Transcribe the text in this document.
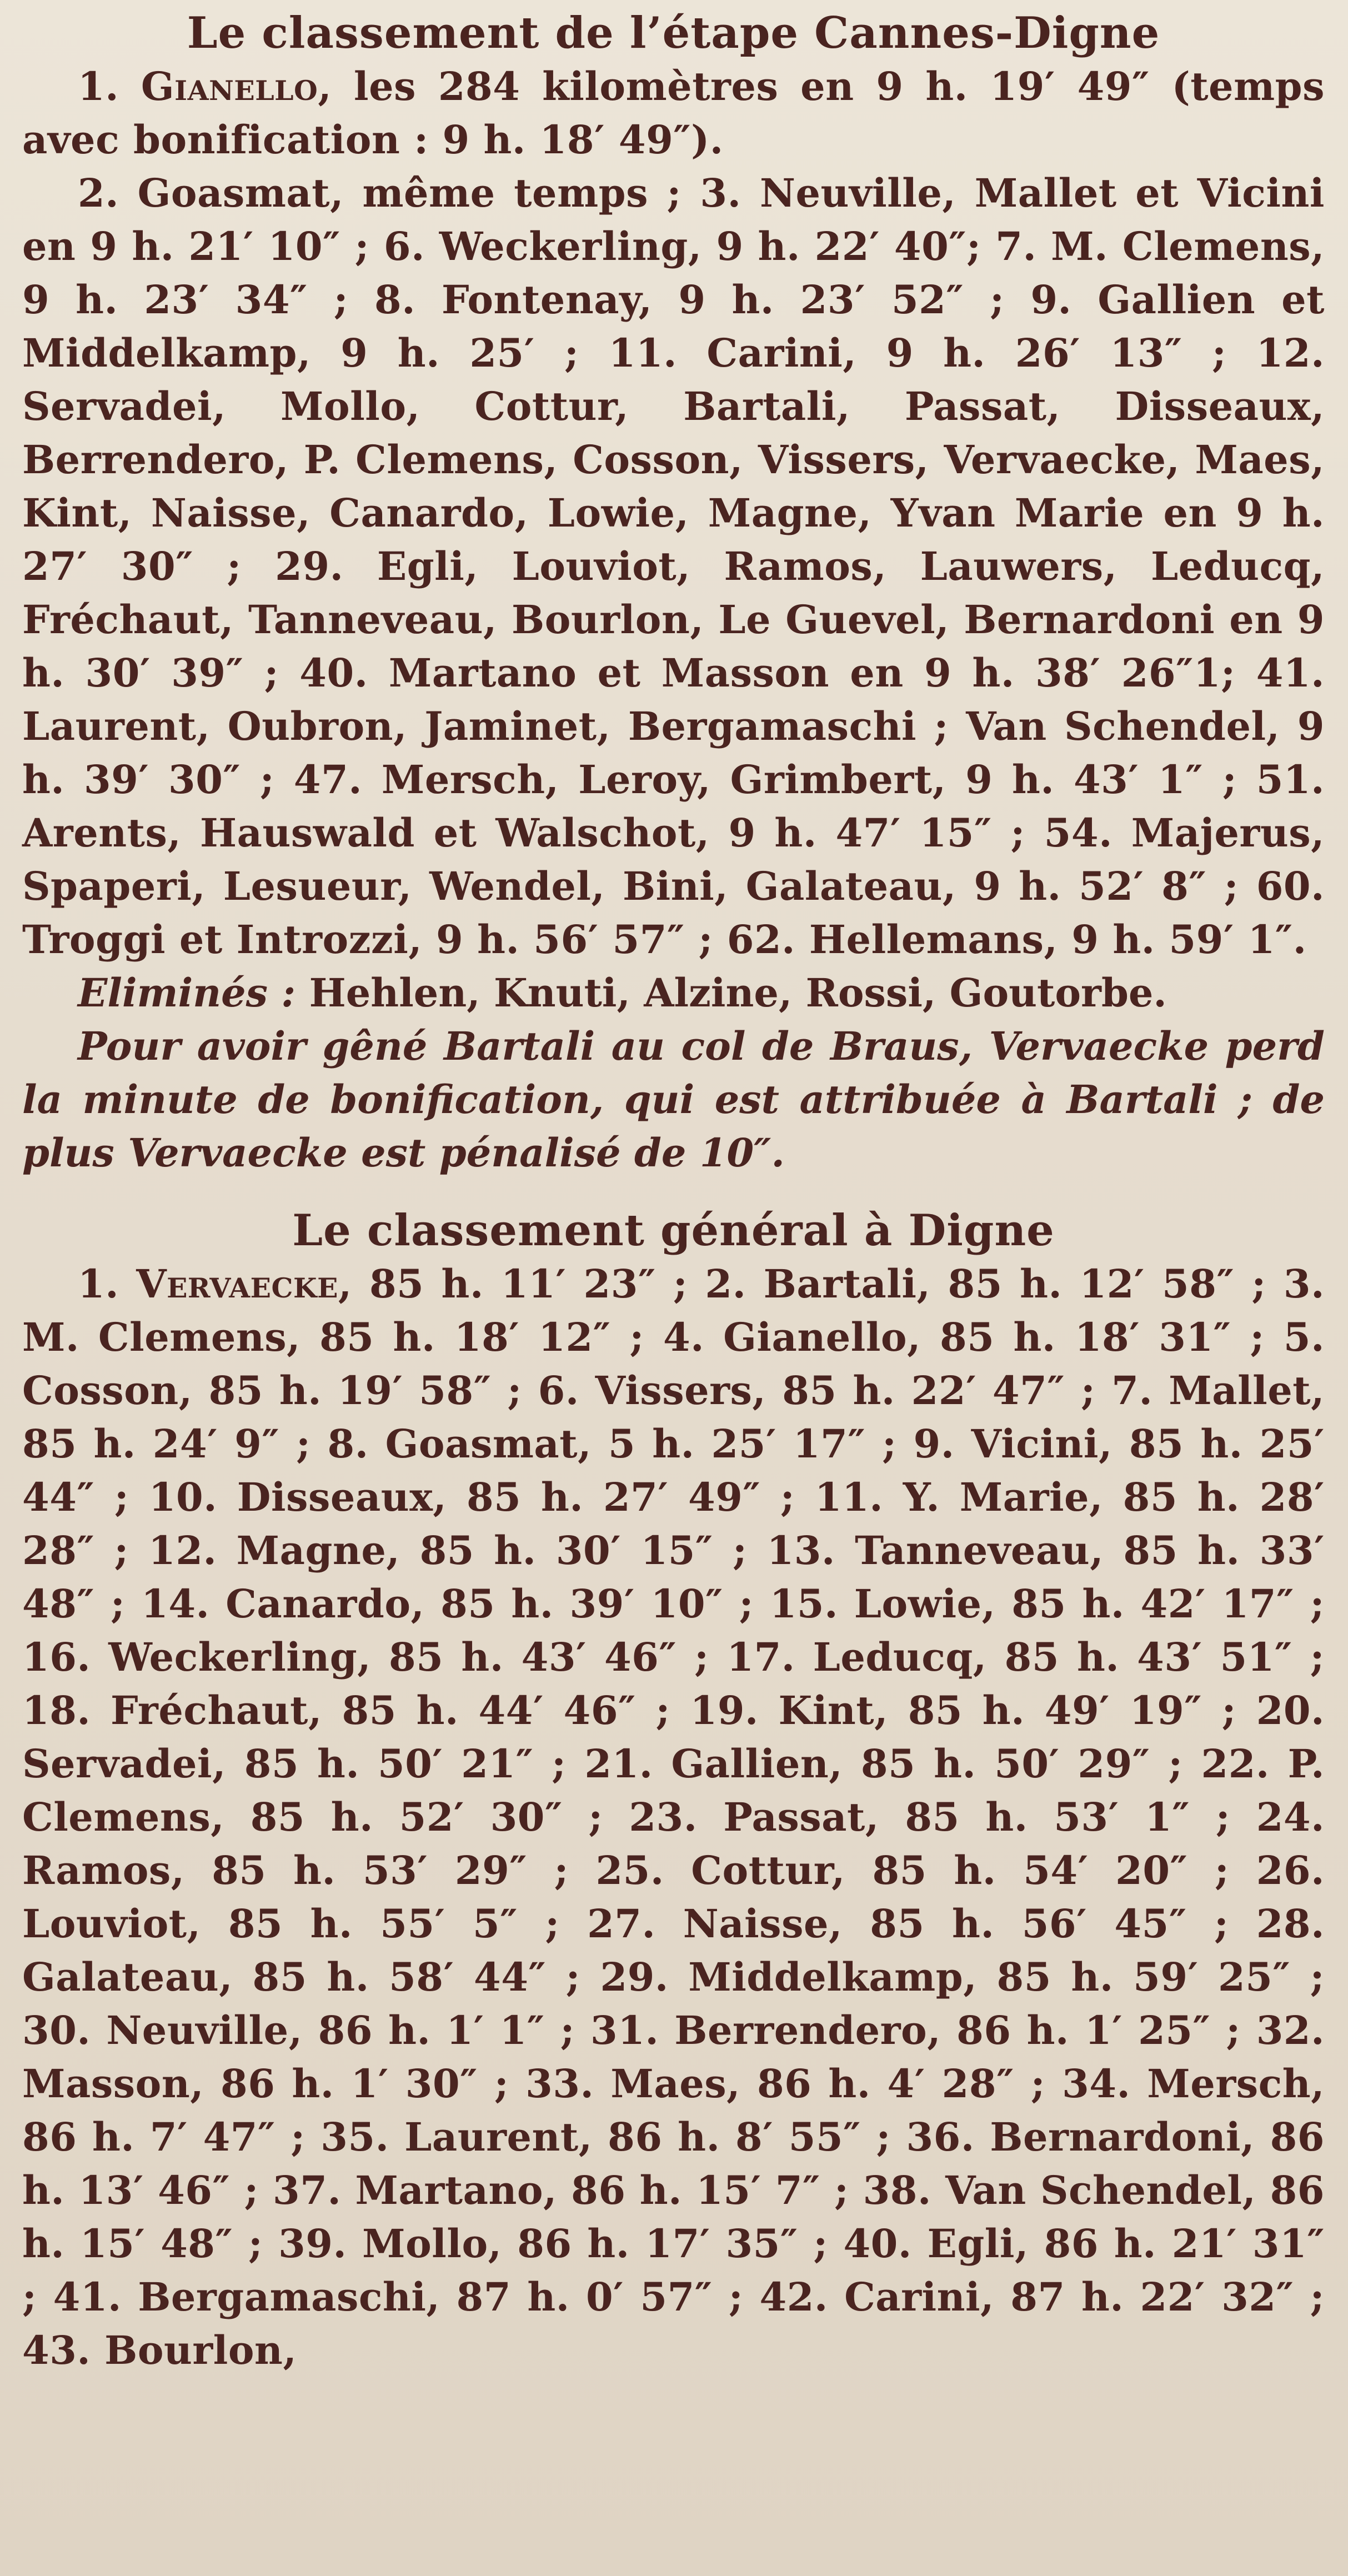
Le classement de l’étape Cannes-Digne

1. Gianello, les 284 kilomètres en 9 h. 19′ 49″ (temps avec bonification : 9 h. 18′ 49″).

2. Goasmat, même temps ; 3. Neuville, Mallet et Vicini en 9 h. 21′ 10″ ; 6. Weckerling, 9 h. 22′ 40″; 7. M. Clemens, 9 h. 23′ 34″ ; 8. Fontenay, 9 h. 23′ 52″ ; 9. Gallien et Middelkamp, 9 h. 25′ ; 11. Carini, 9 h. 26′ 13″ ; 12. Servadei, Mollo, Cottur, Bartali, Passat, Disseaux, Berrendero, P. Clemens, Cosson, Vissers, Vervaecke, Maes, Kint, Naisse, Canardo, Lowie, Magne, Yvan Marie en 9 h. 27′ 30″ ; 29. Egli, Louviot, Ramos, Lauwers, Leducq, Fréchaut, Tanneveau, Bourlon, Le Guevel, Bernardoni en 9 h. 30′ 39″ ; 40. Martano et Masson en 9 h. 38′ 26″1; 41. Laurent, Oubron, Jaminet, Bergamaschi ; Van Schendel, 9 h. 39′ 30″ ; 47. Mersch, Leroy, Grimbert, 9 h. 43′ 1″ ; 51. Arents, Hauswald et Walschot, 9 h. 47′ 15″ ; 54. Majerus, Spaperi, Lesueur, Wendel, Bini, Galateau, 9 h. 52′ 8″ ; 60. Troggi et Introzzi, 9 h. 56′ 57″ ; 62. Hellemans, 9 h. 59′ 1″.

Eliminés : Hehlen, Knuti, Alzine, Rossi, Goutorbe.

Pour avoir gêné Bartali au col de Braus, Vervaecke perd la minute de bonification, qui est attribuée à Bartali ; de plus Vervaecke est pénalisé de 10″.

Le classement général à Digne

1. Vervaecke, 85 h. 11′ 23″ ; 2. Bartali, 85 h. 12′ 58″ ; 3. M. Clemens, 85 h. 18′ 12″ ; 4. Gianello, 85 h. 18′ 31″ ; 5. Cosson, 85 h. 19′ 58″ ; 6. Vissers, 85 h. 22′ 47″ ; 7. Mallet, 85 h. 24′ 9″ ; 8. Goasmat, 5 h. 25′ 17″ ; 9. Vicini, 85 h. 25′ 44″ ; 10. Disseaux, 85 h. 27′ 49″ ; 11. Y. Marie, 85 h. 28′ 28″ ; 12. Magne, 85 h. 30′ 15″ ; 13. Tanneveau, 85 h. 33′ 48″ ; 14. Canardo, 85 h. 39′ 10″ ; 15. Lowie, 85 h. 42′ 17″ ; 16. Weckerling, 85 h. 43′ 46″ ; 17. Leducq, 85 h. 43′ 51″ ; 18. Fréchaut, 85 h. 44′ 46″ ; 19. Kint, 85 h. 49′ 19″ ; 20. Servadei, 85 h. 50′ 21″ ; 21. Gallien, 85 h. 50′ 29″ ; 22. P. Clemens, 85 h. 52′ 30″ ; 23. Passat, 85 h. 53′ 1″ ; 24. Ramos, 85 h. 53′ 29″ ; 25. Cottur, 85 h. 54′ 20″ ; 26. Louviot, 85 h. 55′ 5″ ; 27. Naisse, 85 h. 56′ 45″ ; 28. Galateau, 85 h. 58′ 44″ ; 29. Middelkamp, 85 h. 59′ 25″ ; 30. Neuville, 86 h. 1′ 1″ ; 31. Berrendero, 86 h. 1′ 25″ ; 32. Masson, 86 h. 1′ 30″ ; 33. Maes, 86 h. 4′ 28″ ; 34. Mersch, 86 h. 7′ 47″ ; 35. Laurent, 86 h. 8′ 55″ ; 36. Bernardoni, 86 h. 13′ 46″ ; 37. Martano, 86 h. 15′ 7″ ; 38. Van Schendel, 86 h. 15′ 48″ ; 39. Mollo, 86 h. 17′ 35″ ; 40. Egli, 86 h. 21′ 31″ ; 41. Bergamaschi, 87 h. 0′ 57″ ; 42. Carini, 87 h. 22′ 32″ ; 43. Bourlon,
